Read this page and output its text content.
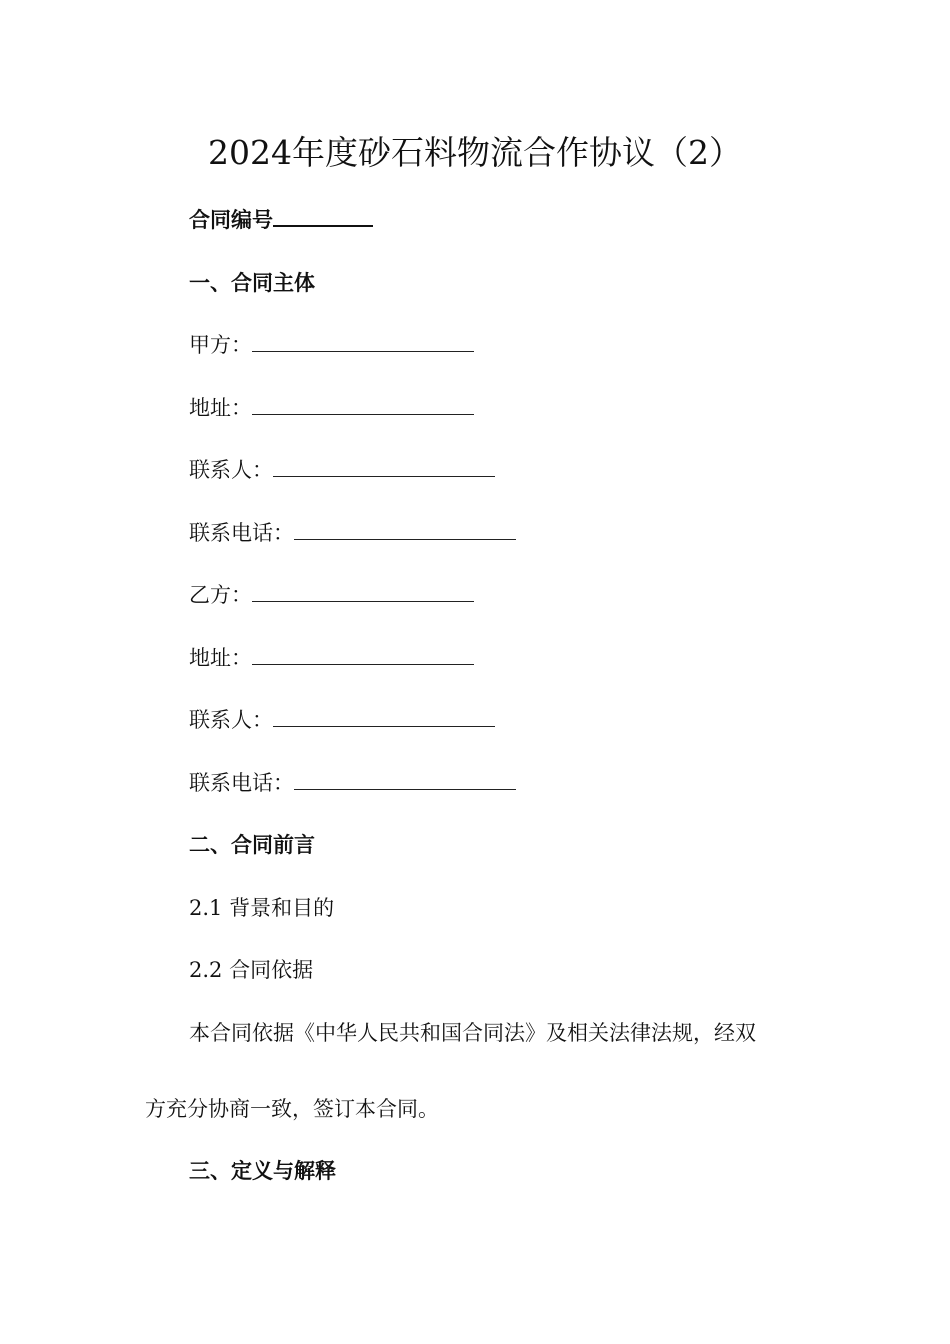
2024年度砂石料物流合作协议（2）
合同编号
一、合同主体
甲方：
地址：
联系人：
联系电话：
乙方：
地址：
联系人：
联系电话：
二、合同前言
2.1 背景和目的
2.2 合同依据
本合同依据《中华人民共和国合同法》及相关法律法规，经双
方充分协商一致，签订本合同。
三、定义与解释
